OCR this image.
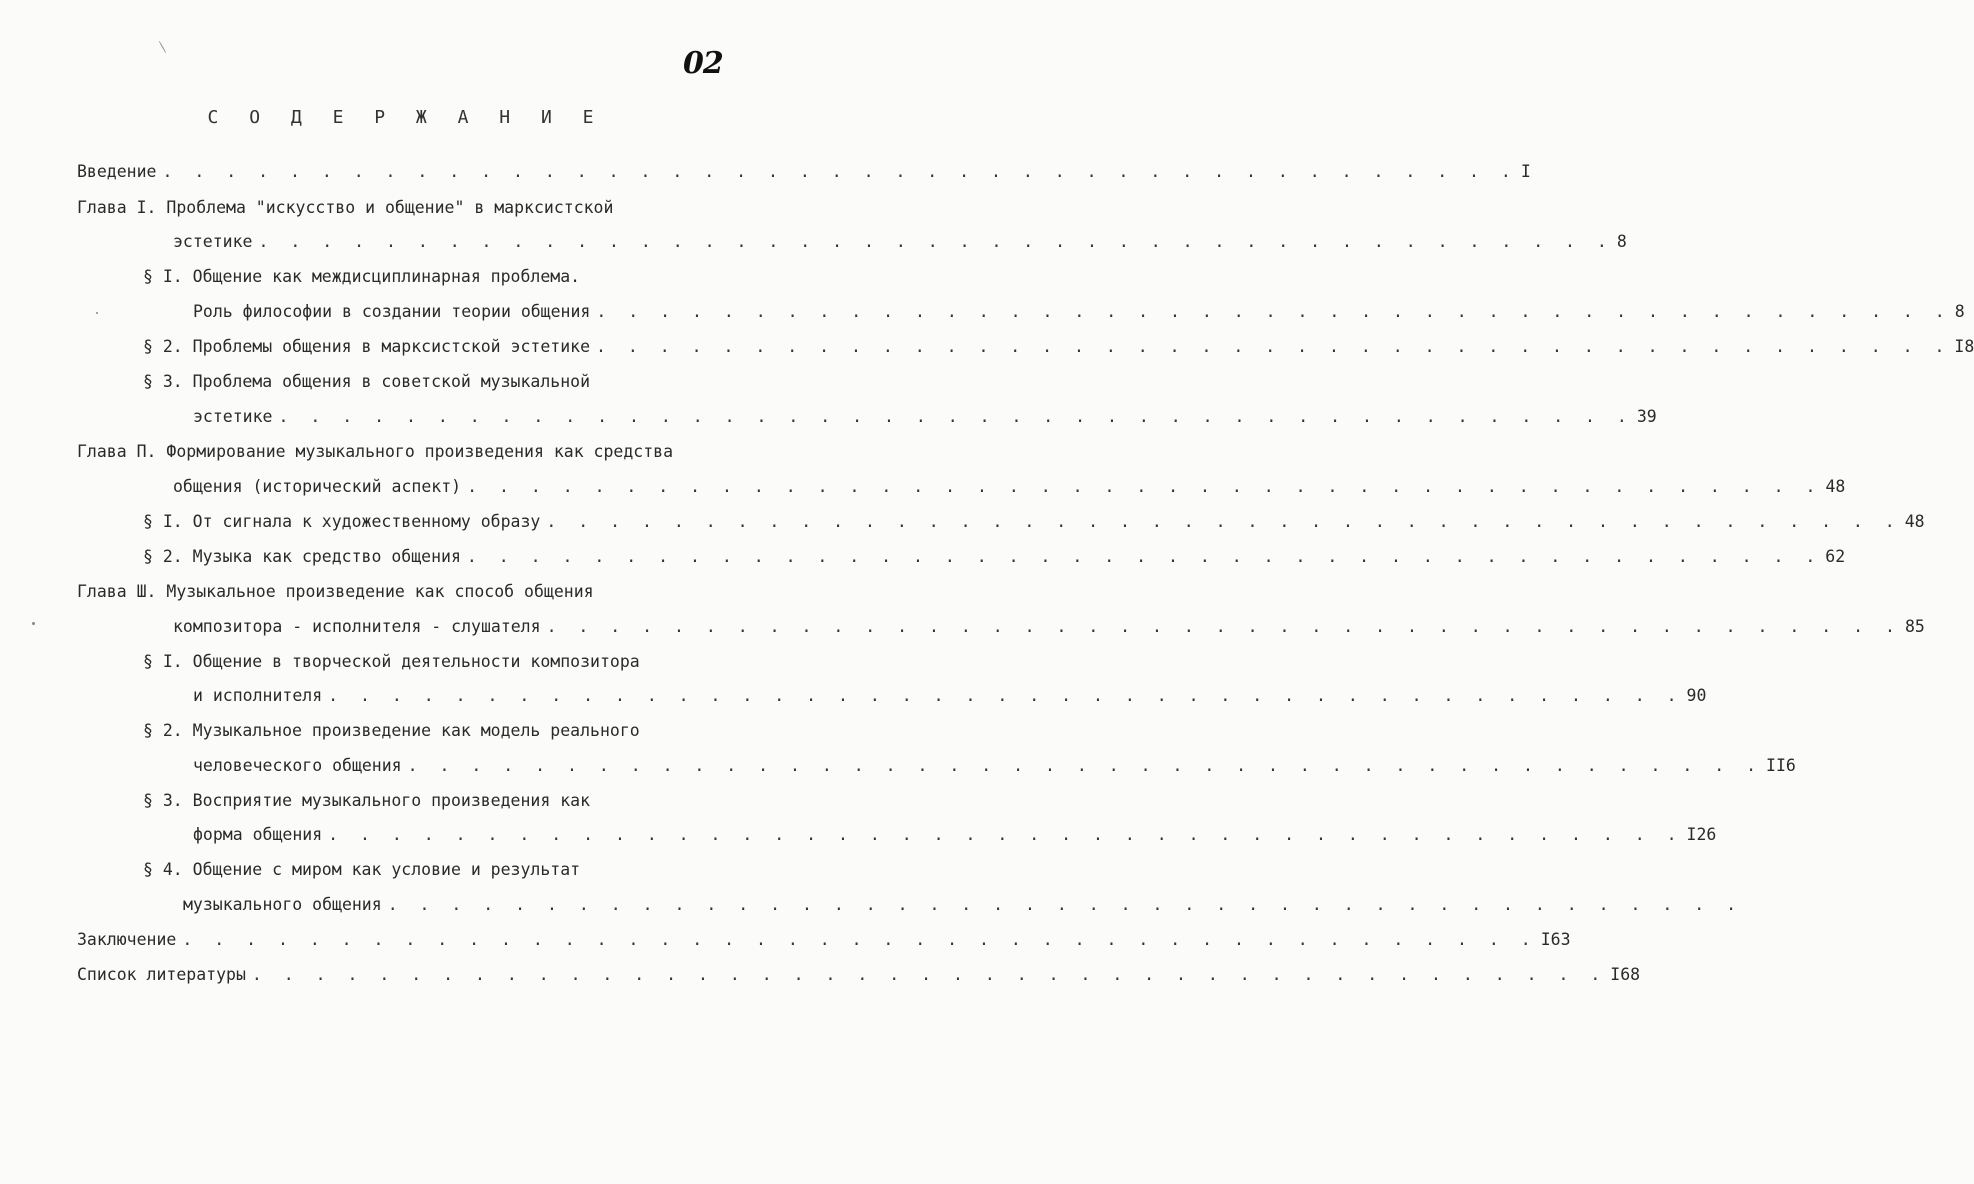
02
С О Д Е Р Ж А Н И Е
Введение . . . . . . . . . . . . . . . . . . . . . . . . . . . . . . . . . . . . . . . . . . . I
Глава I. Проблема "искусство и общение" в марксистской
эстетике . . . . . . . . . . . . . . . . . . . . . . . . . . . . . . . . . . . . . . . . . . . 8
§ I. Общение как междисциплинарная проблема.
Роль философии в создании теории общения . . . . . . . . . . . . . . . . . . . . . . . . . . . . . . . . . . . . . . . . . . . 8
§ 2. Проблемы общения в марксистской эстетике . . . . . . . . . . . . . . . . . . . . . . . . . . . . . . . . . . . . . . . . . . . I8
§ 3. Проблема общения в советской музыкальной
эстетике . . . . . . . . . . . . . . . . . . . . . . . . . . . . . . . . . . . . . . . . . . . 39
Глава П. Формирование музыкального произведения как средства
общения (исторический аспект) . . . . . . . . . . . . . . . . . . . . . . . . . . . . . . . . . . . . . . . . . . . 48
§ I. От сигнала к художественному образу . . . . . . . . . . . . . . . . . . . . . . . . . . . . . . . . . . . . . . . . . . . 48
§ 2. Музыка как средство общения . . . . . . . . . . . . . . . . . . . . . . . . . . . . . . . . . . . . . . . . . . . 62
Глава Ш. Музыкальное произведение как способ общения
композитора - исполнителя - слушателя . . . . . . . . . . . . . . . . . . . . . . . . . . . . . . . . . . . . . . . . . . . 85
§ I. Общение в творческой деятельности композитора
и исполнителя . . . . . . . . . . . . . . . . . . . . . . . . . . . . . . . . . . . . . . . . . . . 90
§ 2. Музыкальное произведение как модель реального
человеческого общения . . . . . . . . . . . . . . . . . . . . . . . . . . . . . . . . . . . . . . . . . . . II6
§ 3. Восприятие музыкального произведения как
форма общения . . . . . . . . . . . . . . . . . . . . . . . . . . . . . . . . . . . . . . . . . . . I26
§ 4. Общение с миром как условие и результат
музыкального общения . . . . . . . . . . . . . . . . . . . . . . . . . . . . . . . . . . . . . . . . . . .
Заключение . . . . . . . . . . . . . . . . . . . . . . . . . . . . . . . . . . . . . . . . . . . I63
Список литературы . . . . . . . . . . . . . . . . . . . . . . . . . . . . . . . . . . . . . . . . . . . I68
